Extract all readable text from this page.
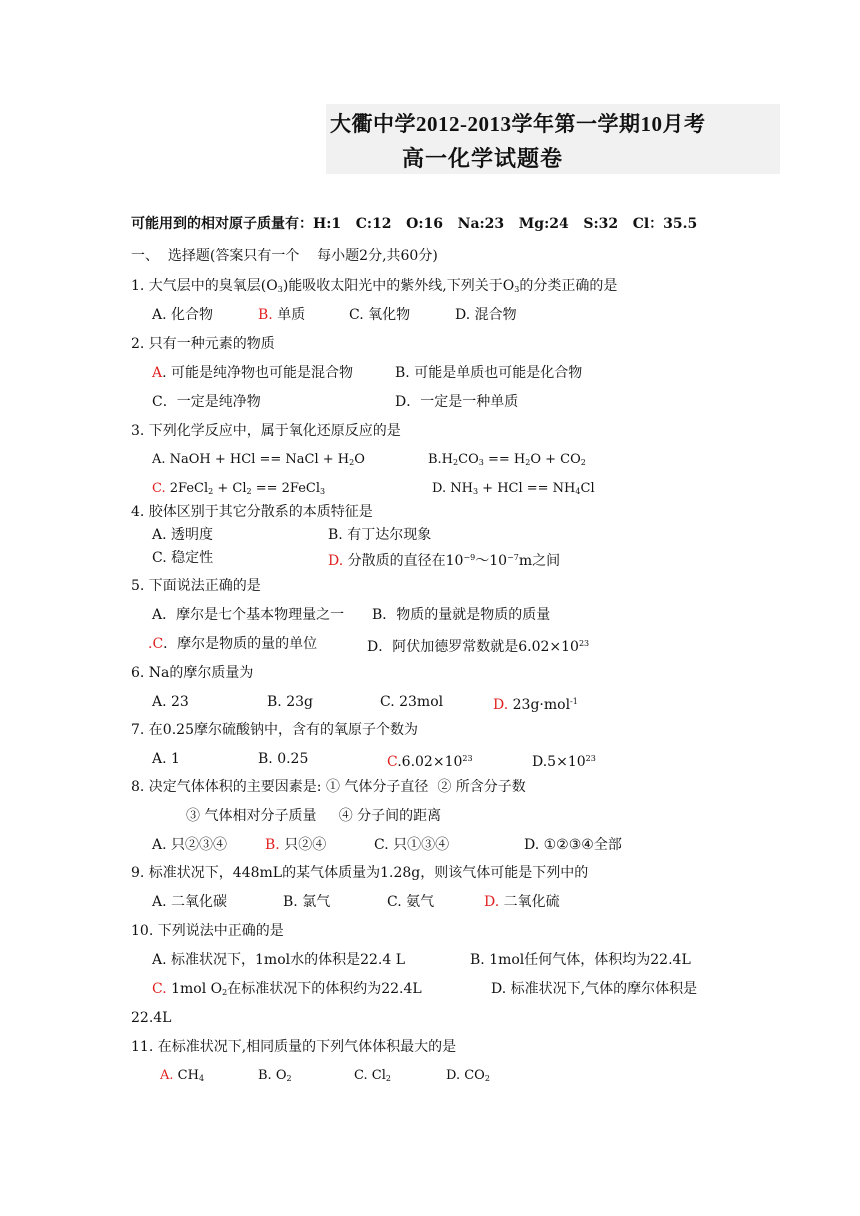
大衢中学2012-2013学年第一学期10月考
高一化学试题卷
可能用到的相对原子质量有：H:1   C:12   O:16   Na:23   Mg:24   S:32   Cl：35.5
一、  选择题(答案只有一个    每小题2分,共60分)
1. 大气层中的臭氧层$(O_3)$能吸收太阳光中的紫外线,下列关于$O_3$的分类正确的是
A. 化合物	B. 单质	C. 氧化物	D. 混合物
2. 只有一种元素的物质
A. 可能是纯净物也可能是混合物	B. 可能是单质也可能是化合物
C．一定是纯净物	D．一定是一种单质
3. 下列化学反应中，属于氧化还原反应的是
A. NaOH + HCl == NaCl + $H_2O$	$B.H_2CO_3 == H_2O + CO_2$
C. 2FeCl$_2$ + $Cl_2$ == 2FeCl$_3$	D. $NH_3$ + HCl == $NH_4Cl$
4. 胶体区别于其它分散系的本质特征是
A. 透明度	B. 有丁达尔现象
C. 稳定性	D. 分散质的直径在$10^{-9}\sim 10^{-7}m$之间
5. 下面说法正确的是
A．摩尔是七个基本物理量之一 B．物质的量就是物质的质量
.C．摩尔是物质的量的单位	D．阿伏加德罗常数就是$6.02\times 10^{23}$
6. Na的摩尔质量为
A. 23	B. 23g	C. 23mol	D. 23g·mol$^{-1}$
7. 在0.25摩尔硫酸钠中，含有的氧原子个数为
A. 1	B. 0.25	$C.6.02\times 10^{23}$	$D.5\times 10^{23}$
8. 决定气体体积的主要因素是: ① 气体分子直径  ② 所含分子数
③ 气体相对分子质量     ④ 分子间的距离
A. 只②③④	B. 只②④	C. 只①③④	D. ①②③④全部
9. 标准状况下，448mL的某气体质量为1.28g，则该气体可能是下列中的
A. 二氧化碳	B. 氯气	C. 氨气	D. 二氧化硫
10. 下列说法中正确的是
A. 标准状况下，1mol水的体积是22.4 L	B. 1mol任何气体，体积均为22.4L
C. 1mol $O_2$在标准状况下的体积约为22.4L	D. 标准状况下,气体的摩尔体积是
22.4L
11. 在标准状况下,相同质量的下列气体体积最大的是
A. $CH_4$	B. $O_2$	C. $Cl_2$	D. $CO_2$
